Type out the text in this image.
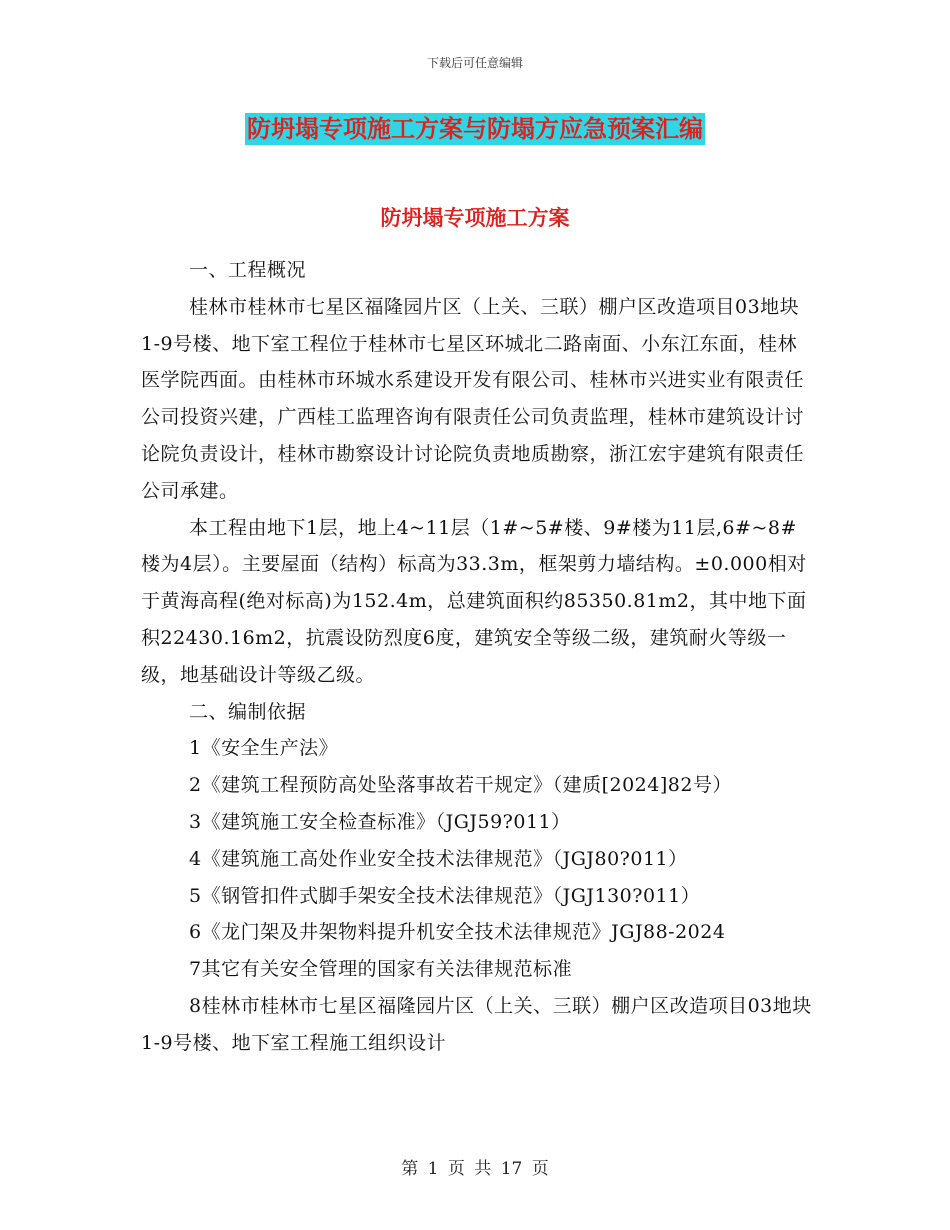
下载后可任意编辑
防坍塌专项施工方案与防塌方应急预案汇编
防坍塌专项施工方案

一、工程概况

桂林市桂林市七星区福隆园片区（上关、三联）棚户区改造项目03地块1-9号楼、地下室工程位于桂林市七星区环城北二路南面、小东江东面，桂林医学院西面。由桂林市环城水系建设开发有限公司、桂林市兴进实业有限责任公司投资兴建，广西桂工监理咨询有限责任公司负责监理，桂林市建筑设计讨论院负责设计，桂林市勘察设计讨论院负责地质勘察，浙江宏宇建筑有限责任公司承建。

本工程由地下1层，地上4~11层（1#~5#楼、9#楼为11层,6#~8#楼为4层）。主要屋面（结构）标高为33.3m，框架剪力墙结构。±0.000相对于黄海高程(绝对标高)为152.4m，总建筑面积约85350.81m2，其中地下面积22430.16m2，抗震设防烈度6度，建筑安全等级二级，建筑耐火等级一级，地基础设计等级乙级。

二、编制依据

1《安全生产法》

2《建筑工程预防高处坠落事故若干规定》（建质[2024]82号）

3《建筑施工安全检查标准》（JGJ59?011）

4《建筑施工高处作业安全技术法律规范》（JGJ80?011）

5《钢管扣件式脚手架安全技术法律规范》（JGJ130?011）

6《龙门架及井架物料提升机安全技术法律规范》JGJ88-2024

7其它有关安全管理的国家有关法律规范标准

8桂林市桂林市七星区福隆园片区（上关、三联）棚户区改造项目03地块1-9号楼、地下室工程施工组织设计

第 1 页 共 17 页
